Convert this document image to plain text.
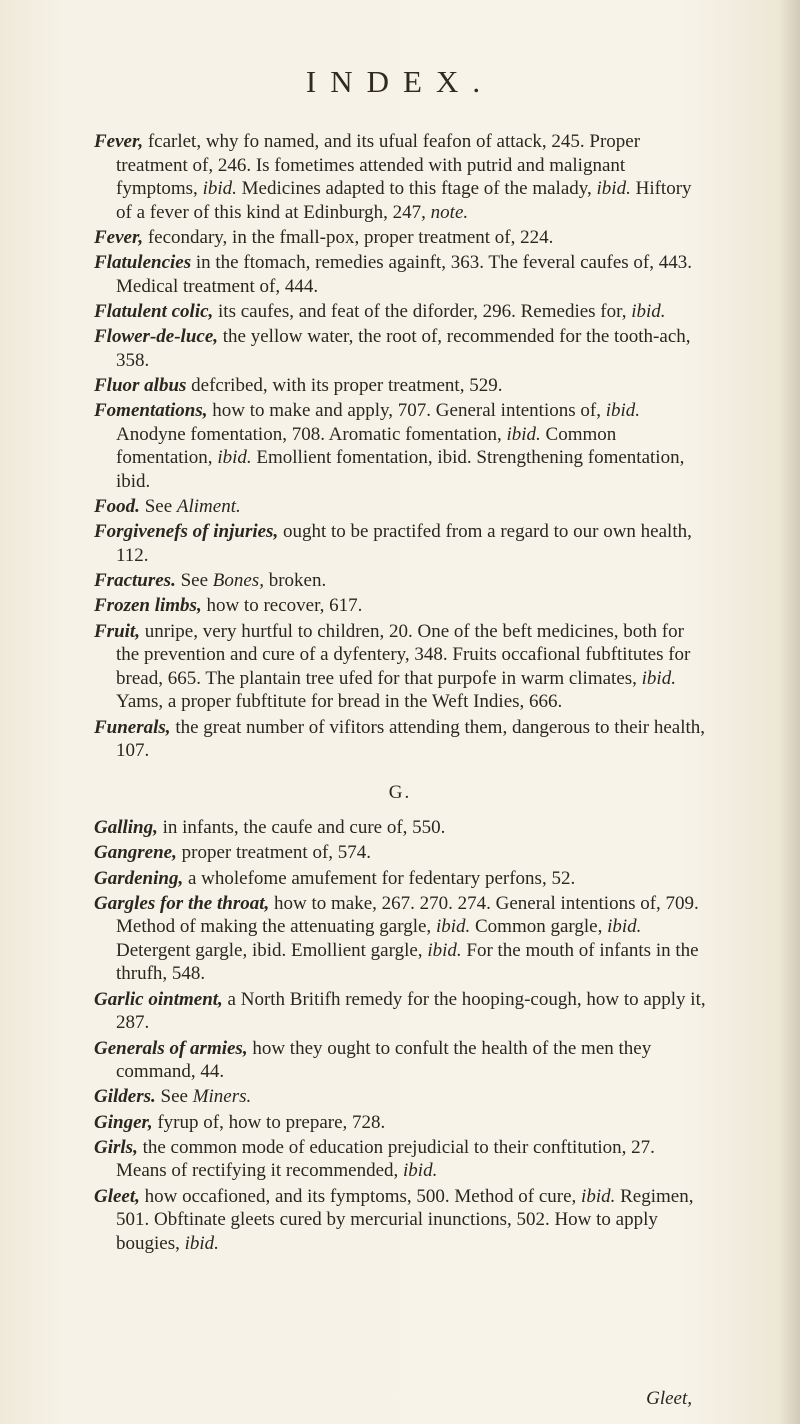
INDEX.
Fever, fcarlet, why fo named, and its ufual feafon of attack, 245. Proper treatment of, 246. Is fometimes attended with putrid and malignant fymptoms, ibid. Medicines adapted to this ftage of the malady, ibid. Hiftory of a fever of this kind at Edinburgh, 247, note.
Fever, fecondary, in the fmall-pox, proper treatment of, 224.
Flatulencies in the ftomach, remedies againft, 363. The feveral caufes of, 443. Medical treatment of, 444.
Flatulent colic, its caufes, and feat of the diforder, 296. Remedies for, ibid.
Flower-de-luce, the yellow water, the root of, recommended for the tooth-ach, 358.
Fluor albus defcribed, with its proper treatment, 529.
Fomentations, how to make and apply, 707. General intentions of, ibid. Anodyne fomentation, 708. Aromatic fomentation, ibid. Common fomentation, ibid. Emollient fomentation, ibid. Strengthening fomentation, ibid.
Food. See Aliment.
Forgivenefs of injuries, ought to be practifed from a regard to our own health, 112.
Fractures. See Bones, broken.
Frozen limbs, how to recover, 617.
Fruit, unripe, very hurtful to children, 20. One of the beft medicines, both for the prevention and cure of a dyfentery, 348. Fruits occafional fubftitutes for bread, 665. The plantain tree ufed for that purpofe in warm climates, ibid. Yams, a proper fubftitute for bread in the Weft Indies, 666.
Funerals, the great number of vifitors attending them, dangerous to their health, 107.
G.
Galling, in infants, the caufe and cure of, 550.
Gangrene, proper treatment of, 574.
Gardening, a wholefome amufement for fedentary perfons, 52.
Gargles for the throat, how to make, 267. 270. 274. General intentions of, 709. Method of making the attenuating gargle, ibid. Common gargle, ibid. Detergent gargle, ibid. Emollient gargle, ibid. For the mouth of infants in the thrufh, 548.
Garlic ointment, a North Britifh remedy for the hooping-cough, how to apply it, 287.
Generals of armies, how they ought to confult the health of the men they command, 44.
Gilders. See Miners.
Ginger, fyrup of, how to prepare, 728.
Girls, the common mode of education prejudicial to their conftitution, 27. Means of rectifying it recommended, ibid.
Gleet, how occafioned, and its fymptoms, 500. Method of cure, ibid. Regimen, 501. Obftinate gleets cured by mercurial inunctions, 502. How to apply bougies, ibid.
Gleet,
